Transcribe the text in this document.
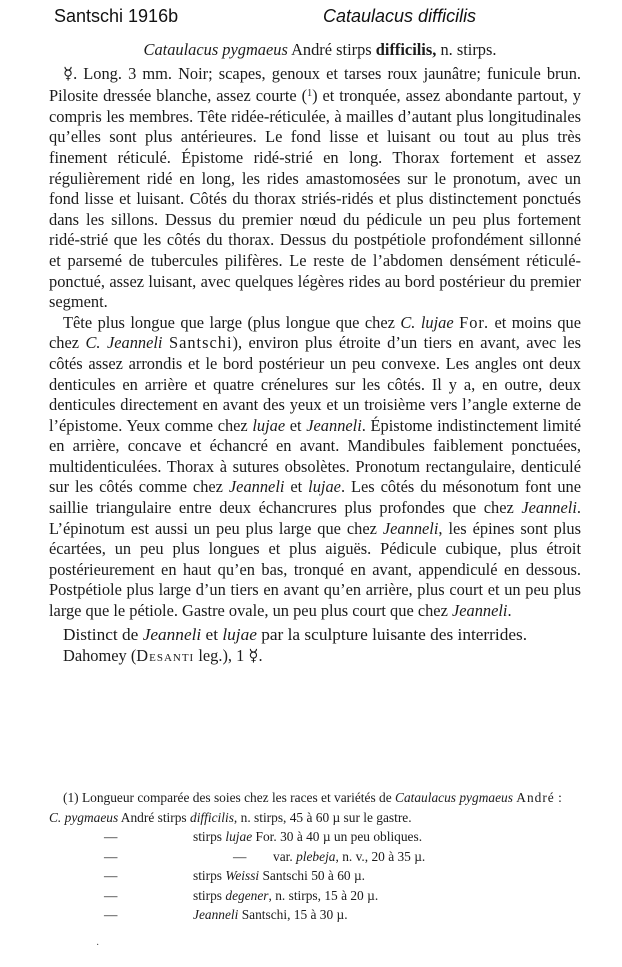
Santschi 1916b	Cataulacus difficilis

Cataulacus pygmaeus André stirps difficilis, n. stirps.

☿. Long. 3 mm. Noir; scapes, genoux et tarses roux jaunâtre; funicule brun. Pilosite dressée blanche, assez courte ($^1$) et tronquée, assez abondante partout, y compris les membres. Tête ridée-réticulée, à mailles d’autant plus longitudinales qu’elles sont plus antérieures. Le fond lisse et luisant ou tout au plus très finement réticulé. Épistome ridé-strié en long. Thorax fortement et assez régulièrement ridé en long, les rides amastomosées sur le pronotum, avec un fond lisse et luisant. Côtés du thorax striés-ridés et plus distinctement ponctués dans les sillons. Dessus du premier nœud du pédicule un peu plus fortement ridé-strié que les côtés du thorax. Dessus du postpétiole profondément sillonné et parsemé de tubercules pilifères. Le reste de l’abdomen densément réticulé-ponctué, assez luisant, avec quelques légères rides au bord postérieur du premier segment.

Tête plus longue que large (plus longue que chez C. lujae For. et moins que chez C. Jeanneli Santschi), environ plus étroite d’un tiers en avant, avec les côtés assez arrondis et le bord postérieur un peu convexe. Les angles ont deux denticules en arrière et quatre crénelures sur les côtés. Il y a, en outre, deux denticules directement en avant des yeux et un troisième vers l’angle externe de l’épistome. Yeux comme chez lujae et Jeanneli. Épistome indistinctement limité en arrière, concave et échancré en avant. Mandibules faiblement ponctuées, multidenticulées. Thorax à sutures obsolètes. Pronotum rectangulaire, denticulé sur les côtés comme chez Jeanneli et lujae. Les côtés du mésonotum font une saillie triangulaire entre deux échancrures plus profondes que chez Jeanneli. L’épinotum est aussi un peu plus large que chez Jeanneli, les épines sont plus écartées, un peu plus longues et plus aiguës. Pédicule cubique, plus étroit postérieurement en haut qu’en bas, tronqué en avant, appendiculé en dessous. Postpétiole plus large d’un tiers en avant qu’en arrière, plus court et un peu plus large que le pétiole. Gastre ovale, un peu plus court que chez Jeanneli.

Distinct de Jeanneli et lujae par la sculpture luisante des interrides.

Dahomey (Desanti leg.), 1 ☿.

(1) Longueur comparée des soies chez les races et variétés de Cataulacus pygmaeus André :

C. pygmaeus André stirps difficilis, n. stirps, 45 à 60 µ sur le gastre.
—	stirps lujae For. 30 à 40 µ un peu obliques.
—	— var. plebeja, n. v., 20 à 35 µ.
—	stirps Weissi Santschi 50 à 60 µ.
—	stirps degener, n. stirps, 15 à 20 µ.
—	Jeanneli Santschi, 15 à 30 µ.
·
